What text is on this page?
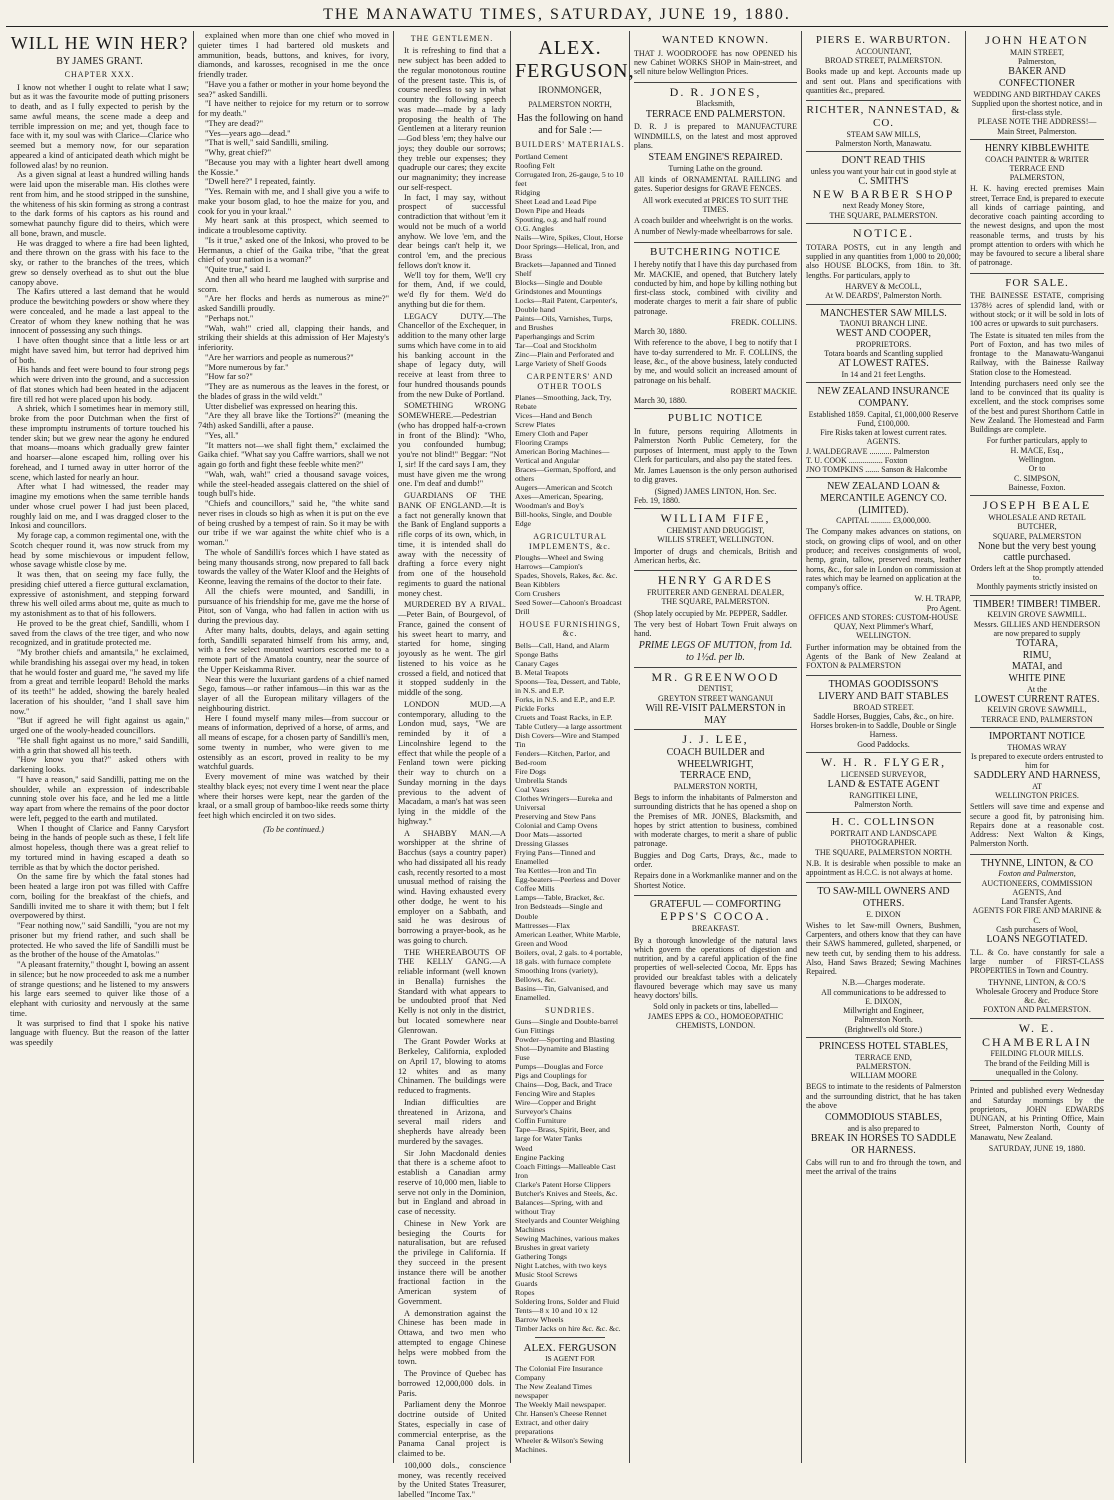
THE MANAWATU TIMES, SATURDAY, JUNE 19, 1880.
WILL HE WIN HER?
BY JAMES GRANT.
CHAPTER XXX.

I know not whether I ought to relate what I saw; but as it was the favourite mode of putting prisoners to death, and as I fully expected to perish by the same awful means, the scene made a deep and terrible impression on me; and yet, though face to face with it, my soul was with Clarice—Clarice who seemed but a memory now, for our separation appeared a kind of anticipated death which might be followed alas! by no reunion.

As a given signal at least a hundred willing hands were laid upon the miserable man. His clothes were rent from him, and he stood stripped in the sunshine, the whiteness of his skin forming as strong a contrast to the dark forms of his captors as his round and somewhat paunchy figure did to theirs, which were all bone, brawn, and muscle.

He was dragged to where a fire had been lighted, and there thrown on the grass with his face to the sky, or rather to the branches of the trees, which grew so densely overhead as to shut out the blue canopy above.

The Kafirs uttered a last demand that he would produce the bewitching powders or show where they were concealed, and he made a last appeal to the Creator of whom they knew nothing that he was innocent of possessing any such things.

I have often thought since that a little less or art might have saved him, but terror had deprived him of both.

His hands and feet were bound to four strong pegs which were driven into the ground, and a succession of flat stones which had been heated in the adjacent fire till red hot were placed upon his body.

A shriek, which I sometimes hear in memory still, broke from the poor Dutchman when the first of these impromptu instruments of torture touched his tender skin; but we grew near the agony he endured that moans—moans which gradually grew fainter and hoarser—alone escaped him, rolling over his forehead, and I turned away in utter horror of the scene, which lasted for nearly an hour.

After what I had witnessed, the reader may imagine my emotions when the same terrible hands under whose cruel power I had just been placed, roughly laid on me, and I was dragged closer to the Inkosi and councillors.

My forage cap, a common regimental one, with the Scotch chequer round it, was now struck from my head by some mischievous or impudent fellow, whose savage whistle close by me.

It was then, that on seeing my face fully, the presiding chief uttered a fierce guttural exclamation, expressive of astonishment, and stepping forward threw his well oiled arms about me, quite as much to my astonishment as to that of his followers.

He proved to be the great chief, Sandilli, whom I saved from the claws of the tree tiger, and who now recognized, and in gratitude protected me.

"My brother chiefs and amantsila," he exclaimed, while brandishing his assegai over my head, in token that he would foster and guard me, "he saved my life from a great and terrible leopard! Behold the marks of its teeth!" he added, showing the barely healed laceration of his shoulder, "and I shall save him now."

"But if agreed he will fight against us again," urged one of the wooly-headed councillors.

"He shall fight against us no more," said Sandilli, with a grin that showed all his teeth.

"How know you that?" asked others with darkening looks.

"I have a reason," said Sandilli, patting me on the shoulder, while an expression of indescribable cunning stole over his face, and he led me a little way apart from where the remains of the poor doctor were left, pegged to the earth and mutilated.

When I thought of Clarice and Fanny Carysfort being in the hands of people such as these, I felt life almost hopeless, though there was a great relief to my tortured mind in having escaped a death so terrible as that by which the doctor perished.

On the same fire by which the fatal stones had been heated a large iron pot was filled with Caffre corn, boiling for the breakfast of the chiefs, and Sandilli invited me to share it with them; but I felt overpowered by thirst.

"Fear nothing now," said Sandilli, "you are not my prisoner but my friend rather, and such shall be protected. He who saved the life of Sandilli must be as the brother of the house of the Amatolas."

"A pleasant fraternity," thought I, bowing an assent in silence; but he now proceeded to ask me a number of strange questions; and he listened to my answers his large ears seemed to quiver like those of a elephant with curiosity and nervously at the same time.

It was surprised to find that I spoke his native language with fluency. But the reason of the latter was speedily

explained when more than one chief who moved in quieter times I had bartered old muskets and ammunition, beads, buttons, and knives, for ivory, diamonds, and karosses, recognised in me the once friendly trader.

"Have you a father or mother in your home beyond the sea?" asked Sandilli.

"I have neither to rejoice for my return or to sorrow for my death."

"They are dead?"

"Yes—years ago—dead."

"That is well," said Sandilli, smiling.

"Why, great chief?"

"Because you may with a lighter heart dwell among the Kossie."

"Dwell here?" I repeated, faintly.

"Yes. Remain with me, and I shall give you a wife to make your bosom glad, to hoe the maize for you, and cook for you in your kraal."

My heart sank at this prospect, which seemed to indicate a troublesome captivity.

"Is it true," asked one of the Inkosi, who proved to be Hermanus, a chief of the Gaika tribe, "that the great chief of your nation is a woman?"

"Quite true," said I.

And then all who heard me laughed with surprise and scorn.

"Are her flocks and herds as numerous as mine?" asked Sandilli proudly.

"Perhaps not."

"Wah, wah!" cried all, clapping their hands, and striking their shields at this admission of Her Majesty's inferiority.

"Are her warriors and people as numerous?"

"More numerous by far."

"How far so?"

"They are as numerous as the leaves in the forest, or the blades of grass in the wild veldt."

Utter disbelief was expressed on hearing this.

"Are they all brave like the Tortions?" (meaning the 74th) asked Sandilli, after a pause.

"Yes, all."

"It matters not—we shall fight them," exclaimed the Gaika chief. "What say you Caffre warriors, shall we not again go forth and fight these feeble white men?"

"Wah, wah, wah!" cried a thousand savage voices, while the steel-headed assegais clattered on the shiel of tough bull's hide.

"Chiefs and councillors," said he, "the white sand never rises in clouds so high as when it is put on the eve of being crushed by a tempest of rain. So it may be with our tribe if we war against the white chief who is a woman."

The whole of Sandilli's forces which I have stated as being many thousands strong, now prepared to fall back towards the valley of the Water Kloof and the Heights of Keonne, leaving the remains of the doctor to their fate.

All the chiefs were mounted, and Sandilli, in pursuance of his friendship for me, gave me the horse of Pitot, son of Vanga, who had fallen in action with us during the previous day.

After many halts, doubts, delays, and again setting forth, Sandilli separated himself from his army, and, with a few select mounted warriors escorted me to a remote part of the Amatola country, near the source of the Upper Keiskamma River.

Near this were the luxuriant gardens of a chief named Sego, famous—or rather infamous—in this war as the slayer of all the European military villagers of the neighbouring district.

Here I found myself many miles—from succour or means of information, deprived of a horse, of arms, and all means of escape, for a chosen party of Sandilli's men, some twenty in number, who were given to me ostensibly as an escort, proved in reality to be my watchful guards.

Every movement of mine was watched by their stealthy black eyes; not every time I went near the place where their horses were kept, near the garden of the kraal, or a small group of bamboo-like reeds some thirty feet high which encircled it on two sides.

(To be continued.)
THE GENTLEMEN.
It is refreshing to find that a new subject has been added to the regular monotonous routine of the present taste. This is, of course needless to say in what country the following speech was made—made by a lady proposing the health of The Gentlemen at a literary reunion—God bless 'em; they halve our joys; they double our sorrows; they treble our expenses; they quadruple our cares; they excite our magnanimity; they increase our self-respect.
In fact, I may say, without prospect of successful contradiction that without 'em it would not be much of a world anyhow. We love 'em, and the dear beings can't help it, we control 'em, and the precious fellows don't know it.
We'll toy for them, We'll cry for them, And, if we could, we'd fly for them. We'd do anything but die for them.
LEGACY DUTY.—The Chancellor of the Exchequer, in addition to the many other large sums which have come in to aid his banking account in the shape of legacy duty, will receive at least from three to four hundred thousands pounds from the new Duke of Portland.
SOMETHING WRONG SOMEWHERE.—Pedestrian (who has dropped half-a-crown in front of the Blind): "Who, you confounded humbug; you're not blind!" Beggar: "Not I, sir! If the card says I am, they must have given me the wrong one. I'm deaf and dumb!"
GUARDIANS OF THE BANK OF ENGLAND.—It is a fact not generally known that the Bank of England supports a rifle corps of its own, which, in time, it is intended shall do away with the necessity of drafting a force every night from one of the household regiments to guard the national money chest.
MURDERED BY A RIVAL.—Peter Bain, of Bourgevol, of France, gained the consent of his sweet heart to marry, and started for home, singing joyously as he went. The girl listened to his voice as he crossed a field, and noticed that it stopped suddenly in the middle of the song.
LONDON MUD.—A contemporary, alluding to the London mud, says, "We are reminded by it of a Lincolnshire legend to the effect that while the people of a Fenland town were picking their way to church on a Sunday morning in the days previous to the advent of Macadam, a man's hat was seen lying in the middle of the highway."
A SHABBY MAN.—A worshipper at the shrine of Bacchus (says a country paper) who had dissipated all his ready cash, recently resorted to a most unusual method of raising the wind. Having exhausted every other dodge, he went to his employer on a Sabbath, and said he was desirous of borrowing a prayer-book, as he was going to church.
THE WHEREABOUTS OF THE KELLY GANG.—A reliable informant (well known in Benalla) furnishes the Standard with what appears to be undoubted proof that Ned Kelly is not only in the district, but located somewhere near Glenrowan.
The Grant Powder Works at Berkeley, California, exploded on April 17, blowing to atoms 12 whites and as many Chinamen. The buildings were reduced to fragments.
Indian difficulties are threatened in Arizona, and several mail riders and shepherds have already been murdered by the savages.
Sir John Macdonald denies that there is a scheme afoot to establish a Canadian army reserve of 10,000 men, liable to serve not only in the Dominion, but in England and abroad in case of necessity.
Chinese in New York are besieging the Courts for naturalisation, but are refused the privilege in California. If they succeed in the present instance there will be another fractional faction in the American system of Government.
A demonstration against the Chinese has been made in Ottawa, and two men who attempted to engage Chinese helps were mobbed from the town.
The Province of Quebec has borrowed 12,000,000 dols. in Paris.
Parliament deny the Monroe doctrine outside of United States, especially in case of commercial enterprise, as the Panama Canal project is claimed to be.
100,000 dols., conscience money, was recently received by the United States Treasurer, labelled "Income Tax."
ALEX. FERGUSON,
IRONMONGER,
PALMERSTON NORTH,
Has the following on hand and for Sale :—
BUILDERS' MATERIALS.
Portland Cement
Roofing Felt
Corrugated Iron, 26-gauge, 5 to 10 feet
Ridging
Sheet Lead and Lead Pipe
Down Pipe and Heads
Spouting, o.g. and half round
O.G. Angles
Nails—Wire, Spikes, Clout, Horse
Door Springs—Helical, Iron, and Brass
Brackets—Japanned and Tinned Shelf
Blocks—Single and Double
Grindstones and Mountings
Locks—Rail Patent, Carpenter's, Double hand
Paints—Oils, Varnishes, Turps, and Brushes
Paperhangings and Scrim
Tar—Coal and Stockholm
Zinc—Plain and Perforated and Large Variety of Shelf Goods
CARPENTERS' AND OTHER TOOLS
Planes—Smoothing, Jack, Try, Rebate
Vices—Hand and Bench
Screw Plates
Emery Cloth and Paper
Flooring Cramps
American Boring Machines—Vertical and Angular
Braces—German, Spofford, and others
Augers—American and Scotch
Axes—American, Spearing, Woodman's and Boy's
Bill-hooks, Single, and Double Edge
AGRICULTURAL IMPLEMENTS, &c.
Ploughs—Wheel and Swing
Harrows—Campion's
Spades, Shovels, Rakes, &c. &c.
Bean Kibblers
Corn Crushers
Seed Sower—Cahoon's Broadcast Drill
HOUSE FURNISHINGS, &c.
Bells—Call, Hand, and Alarm
Sponge Baths
Canary Cages
B. Metal Teapots
Spoons—Tea, Dessert, and Table, in N.S. and E.P.
Forks, in N.S. and E.P., and E.P. Pickle Forks
Cruets and Toast Racks, in E.P.
Table Cutlery—a large assortment
Dish Covers—Wire and Stamped Tin
Fenders—Kitchen, Parlor, and Bed-room
Fire Dogs
Umbrella Stands
Coal Vases
Clothes Wringers—Eureka and Universal
Preserving and Stew Pans
Colonial and Camp Ovens
Door Mats—assorted
Dressing Glasses
Frying Pans—Tinned and Enamelled
Tea Kettles—Iron and Tin
Egg-beaters—Peerless and Dover
Coffee Mills
Lamps—Table, Bracket, &c.
Iron Bedsteads—Single and Double
Mattresses—Flax
American Leather, White Marble, Green and Wood
Boilers, oval, 2 gals. to 4 portable, 18 gals. with furnace complete
Smoothing Irons (variety), Bellows, &c.
Basins—Tin, Galvanised, and Enamelled.
SUNDRIES.
Guns—Single and Double-barrel
Gun Fittings
Powder—Sporting and Blasting
Shot—Dynamite and Blasting Fuse
Pumps—Douglas and Force
Pigs and Couplings for
Chains—Dog, Back, and Trace
Fencing Wire and Staples
Wire—Copper and Bright
Surveyor's Chains
Coffin Furniture
Tape—Brass, Spirit, Beer, and large for Water Tanks
Weed
Engine Packing
Coach Fittings—Malleable Cast Iron
Clarke's Patent Horse Clippers
Butcher's Knives and Steels, &c.
Balances—Spring, with and without Tray
Steelyards and Counter Weighing Machines
Sewing Machines, various makes
Brushes in great variety
Gathering Tongs
Night Latches, with two keys
Music Stool Screws
Guards
Ropes
Soldering Irons, Solder and Fluid
Tents—8 x 10 and 10 x 12
Barrow Wheels
Timber Jacks on hire &c. &c. &c.
ALEX. FERGUSON
IS AGENT FOR
The Colonial Fire Insurance Company
The New Zealand Times newspaper
The Weekly Mail newspaper.
Chr. Hansen's Cheese Rennet Extract, and other dairy preparations
Wheeler & Wilson's Sewing Machines.
WANTED KNOWN.
THAT J. WOODROOFE has now OPENED his new Cabinet WORKS SHOP in Main-street, and sell niture below Wellington Prices.
D. R. JONES,
Blacksmith,
TERRACE END PALMERSTON.
D. R. J is prepared to MANUFACTURE WINDMILLS, on the latest and most approved plans.
STEAM ENGINE'S REPAIRED.
Turning Lathe on the ground.
All kinds of ORNAMENTAL RAILLING and gates. Superior designs for GRAVE FENCES.
All work executed at PRICES TO SUIT THE TIMES.
A coach builder and wheelwright is on the works.
A number of Newly-made wheelbarrows for sale.
BUTCHERING NOTICE
I hereby notify that I have this day purchased from Mr. MACKIE, and opened, that Butchery lately conducted by him, and hope by killing nothing but first-class stock, combined with civility and moderate charges to merit a fair share of public patronage.
FREDK. COLLINS.
March 30, 1880.
With reference to the above, I beg to notify that I have to-day surrendered to Mr. F. COLLINS, the lease, &c., of the above business, lately conducted by me, and would solicit an increased amount of patronage on his behalf.
ROBERT MACKIE.
March 30, 1880.
PUBLIC NOTICE
In future, persons requiring Allotments in Palmerston North Public Cemetery, for the purposes of Interment, must apply to the Town Clerk for particulars, and also pay the stated fees.
Mr. James Lauenson is the only person authorised to dig graves.
(Signed) JAMES LINTON, Hon. Sec.
Feb. 19, 1880.
WILLIAM FIFE,
CHEMIST AND DRUGGIST,
WILLIS STREET, WELLINGTON.
Importer of drugs and chemicals, British and American herbs, &c.
HENRY GARDES
FRUITERER AND GENERAL DEALER,
THE SQUARE, PALMERSTON.
(Shop lately occupied by Mr. PEPPER, Saddler.
The very best of Hobart Town Fruit always on hand.
PRIME LEGS OF MUTTON, from 1d. to 1½d. per lb.
MR. GREENWOOD
DENTIST,
GREYTON STREET WANGANUI
Will RE-VISIT PALMERSTON in MAY
J. J. LEE,
COACH BUILDER and WHEELWRIGHT,
TERRACE END,
PALMERSTON NORTH,
Begs to inform the inhabitants of Palmerston and surrounding districts that he has opened a shop on the Premises of MR. JONES, Blacksmith, and hopes by strict attention to business, combined with moderate charges, to merit a share of public patronage.
Buggies and Dog Carts, Drays, &c., made to order.
Repairs done in a Workmanlike manner and on the Shortest Notice.
GRATEFUL — COMFORTING
EPPS'S COCOA.
BREAKFAST.
By a thorough knowledge of the natural laws which govern the operations of digestion and nutrition, and by a careful application of the fine properties of well-selected Cocoa, Mr. Epps has provided our breakfast tables with a delicately flavoured beverage which may save us many heavy doctors' bills.
Sold only in packets or tins, labelled—
JAMES EPPS & CO., HOMOEOPATHIC CHEMISTS, LONDON.
PIERS E. WARBURTON.
ACCOUNTANT,
BROAD STREET, PALMERSTON.
Books made up and kept. Accounts made up and sent out. Plans and specifications with quantities &c., prepared.
RICHTER, NANNESTAD, & CO.
STEAM SAW MILLS,
Palmerston North, Manawatu.
DON'T READ THIS
unless you want your hair cut in good style at
C. SMITH'S
NEW BARBER SHOP
next Ready Money Store,
THE SQUARE, PALMERSTON.
NOTICE.
TOTARA POSTS, cut in any length and supplied in any quantities from 1,000 to 20,000; also HOUSE BLOCKS, from 18in. to 3ft. lengths. For particulars, apply to
HARVEY & McCOLL,
At W. DEARDS', Palmerston North.
MANCHESTER SAW MILLS.
TAONUI BRANCH LINE.
WEST AND COOPER,
PROPRIETORS.
Totara boards and Scantling supplied
AT LOWEST RATES.
In 14 and 21 feet Lengths.
NEW ZEALAND INSURANCE COMPANY.
Established 1859. Capital, £1,000,000 Reserve Fund, £100,000.
Fire Risks taken at lowest current rates.
AGENTS.
J. WALDEGRAVE ........... Palmerston
T. U. COOK ................. Foxton
JNO TOMPKINS ....... Sanson & Halcombe
NEW ZEALAND LOAN & MERCANTILE AGENCY CO. (LIMITED).
CAPITAL .......... £3,000,000.
The Company makes advances on stations, on stock, on growing clips of wool, and on other produce; and receives consignments of wool, hemp, grain, tallow, preserved meats, leather horns, &c., for sale in London on commission at rates which may be learned on application at the company's office.
W. H. TRAPP,
Pro Agent.
OFFICES AND STORES: CUSTOM-HOUSE QUAY, Next Plimmer's Wharf, WELLINGTON.
Further information may be obtained from the Agents of the Bank of New Zealand at FOXTON & PALMERSTON
THOMAS GOODISSON'S
LIVERY AND BAIT STABLES
BROAD STREET.
Saddle Horses, Buggies, Cabs, &c., on hire.
Horses broken-in to Saddle, Double or Single Harness.
Good Paddocks.
W. H. R. FLYGER,
LICENSED SURVEYOR,
LAND & ESTATE AGENT
RANGITIKEI LINE,
Palmerston North.
H. C. COLLINSON
PORTRAIT AND LANDSCAPE PHOTOGRAPHER.
THE SQUARE, PALMERSTON NORTH.
N.B. It is desirable when possible to make an appointment as H.C.C. is not always at home.
TO SAW-MILL OWNERS AND OTHERS.
E. DIXON
Wishes to let Saw-mill Owners, Bushmen, Carpenters, and others know that they can have their SAWS hammered, gulleted, sharpened, or new teeth cut, by sending them to his address. Also, Hand Saws Brazed; Sewing Machines Repaired.
N.B.—Charges moderate.
All communications to be addressed to
E. DIXON,
Millwright and Engineer,
Palmerston North.
(Brightwell's old Store.)
PRINCESS HOTEL STABLES,
TERRACE END,
PALMERSTON.
WILLIAM MOORE
BEGS to intimate to the residents of Palmerston and the surrounding district, that he has taken the above
COMMODIOUS STABLES,
and is also prepared to
BREAK IN HORSES TO SADDLE OR HARNESS.
Cabs will run to and fro through the town, and meet the arrival of the trains
JOHN HEATON
MAIN STREET,
Palmerston,
BAKER AND CONFECTIONER
WEDDING AND BIRTHDAY CAKES Supplied upon the shortest notice, and in first-class style.
PLEASE NOTE THE ADDRESS!—
Main Street, Palmerston.
HENRY KIBBLEWHITE
COACH PAINTER & WRITER
TERRACE END
PALMERSTON,
H. K. having erected premises Main street, Terrace End, is prepared to execute all kinds of carriage painting, and decorative coach painting according to the newest designs, and upon the most reasonable terms, and trusts by his prompt attention to orders with which he may be favoured to secure a liberal share of patronage.
FOR SALE.
THE BAINESSE ESTATE, comprising 1378½ acres of splendid land, with or without stock; or it will be sold in lots of 100 acres or upwards to suit purchasers.
The Estate is situated ten miles from the Port of Foxton, and has two miles of frontage to the Manawatu-Wanganui Railway, with the Bainesse Railway Station close to the Homestead.
Intending purchasers need only see the land to be convinced that its quality is excellent, and the stock comprises some of the best and purest Shorthorn Cattle in New Zealand. The Homestead and Farm Buildings are complete.
For further particulars, apply to
H. MACE, Esq.,
Wellington.
Or to
C. SIMPSON,
Bainesse, Foxton.
JOSEPH BEALE
WHOLESALE AND RETAIL
BUTCHER,
SQUARE, PALMERSTON
None but the very best young cattle purchased.
Orders left at the Shop promptly attended to.
Monthly payments strictly insisted on
TIMBER! TIMBER! TIMBER.
KELVIN GROVE SAWMILL.
Messrs. GILLIES AND HENDERSON are now prepared to supply
TOTARA,
RIMU,
MATAI, and
WHITE PINE
At the
LOWEST CURRENT RATES.
KELVIN GROVE SAWMILL,
TERRACE END, PALMERSTON
IMPORTANT NOTICE
THOMAS WRAY
Is prepared to execute orders entrusted to him for
SADDLERY AND HARNESS,
AT
WELLINGTON PRICES.
Settlers will save time and expense and secure a good fit, by patronising him. Repairs done at a reasonable cost. Address: Next Walton & Kings, Palmerston North.
THYNNE, LINTON, & CO
Foxton and Palmerston,
AUCTIONEERS, COMMISSION AGENTS, And
Land Transfer Agents.
AGENTS FOR FIRE AND MARINE & C.
Cash purchasers of Wool,
LOANS NEGOTIATED.
T.L. & Co. have constantly for sale a large number of FIRST-CLASS PROPERTIES in Town and Country.
THYNNE, LINTON, & CO.'S
Wholesale Grocery and Produce Store &c. &c.
FOXTON AND PALMERSTON.
W. E. CHAMBERLAIN
FEILDING FLOUR MILLS.
The brand of the Feilding Mill is unequalled in the Colony.
Printed and published every Wednesday and Saturday mornings by the proprietors, JOHN EDWARDS DUNGAN, at his Printing Office, Main Street, Palmerston North, County of Manawatu, New Zealand.
SATURDAY, JUNE 19, 1880.
